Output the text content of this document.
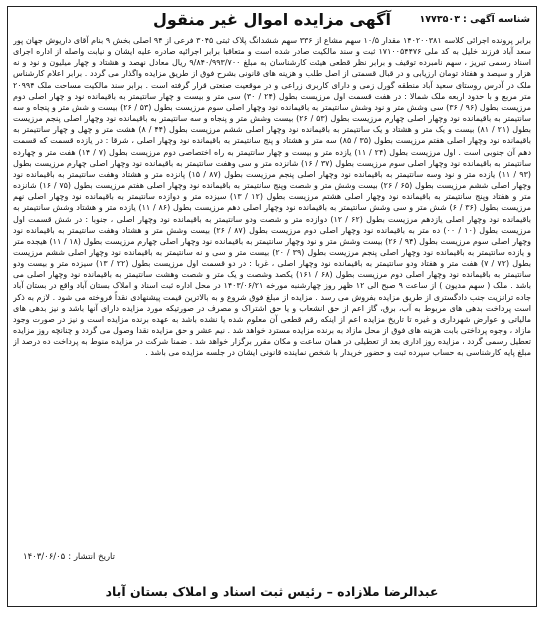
شناسه آگهی :۱۷۷۳۵۰۳
آگهی مزایده اموال غیر منقول

برابر پرونده اجرائی کلاسه ۱۴۰۲۰۰۳۸۱ مقدار ۱۰/۵ سهم مشاع از ۳۳۶ سهم ششدانگ پلاک ثبتی ۳۰۴۵ فرعی از ۹۴ اصلی بخش ۹ بنام آقای داریوش جهان پور سعد آباد فرزند خلیل به کد ملی ۱۷۱۰۰۵۴۴۷۶ ثبت و سند مالکیت صادر شده است و متعاقبا برابر اجرائیه صادره علیه ایشان و نیابت واصله از اداره اجرای اسناد رسمی تبریز ، سهم نامبرده توقیف و برابر نظر قطعی هیئت کارشناسان به مبلغ ۹/۸۴۰/۹۹۳/۷۰۰ ریال معادل نهصد و هشتاد و چهار میلیون و نود و نه هزار و سیصد و هفتاد تومان ارزیابی و در قبال قسمتی از اصل طلب و هزینه های قانونی بشرح فوق از طریق مزایده واگذار می گردد . برابر اعلام کارشناس ملک در آدرس روستای سعید آباد منطقه گورل زمی و دارای کاربری زراعی و در موقعیت صنعتی قرار گرفته است . برابر سند مالکیت مساحت ملک ۲۰۹۹۴ متر مربع و با حدود اربعه ملک شمالا : در هفت قسمت اول مرزیست بطول (۲۴ / ۳۰) سی متر و بیست و چهار سانتیمتر به باقیمانده نود و چهار اصلی دوم مرزیست بطول (۹۶ / ۳۶) سی وشش متر و نود وشش سانتیمتر به باقیمانده نود وچهار اصلی سوم مرزیست بطول (۵۳ / ۲۶) بیست و شش متر و پنجاه و سه سانتیمتر به باقیمانده نود وچهار اصلی چهارم مرزیست بطول (۵۳ / ۲۶) بیست وشش متر و پنجاه و سه سانتیمتر به باقیمانده نود وچهار اصلی پنجم مرزیست بطول (۲۱ / ۸۱) بیست و یک متر و هشتاد و یک سانتیمتر به باقیمانده نود وچهار اصلی ششم مرزیست بطول (۴۴ / ۸) هشت متر و چهل و چهار سانتیمتر به باقیمانده نود وچهار اصلی هفتم مرزیست بطول (۳۵ / ۸۵) سه متر و هشتاد و پنج سانتیمتر به باقیمانده نود وچهار اصلی ، شرقا : در یازده قسمت که قسمت دهم آن جنوبی است . اول مرزیست بطول (۲۴ / ۱۱) یازده متر و بیست و چهار سانتیمتر به راه اختصاصی دوم مرزیست بطول (۷ / ۱۴) هفت متر و چهارده سانتیمتر به باقیمانده نود وچهار اصلی سوم مرزیست بطول (۳۷ / ۱۶) شانزده متر و سی وهفت سانتیمتر به باقیمانده نود وچهار اصلی چهارم مرزیست بطول (۹۳ / ۱۱) یازده متر و نود وسه سانتیمتر به باقیمانده نود وچهار اصلی پنجم مرزیست بطول (۸۷ / ۱۵) پانزده متر و هشتاد وهفت سانتیمتر به باقیمانده نود وچهار اصلی ششم مرزیست بطول (۶۵ / ۲۶) بیست وشش متر و شصت وپنج سانتیمتر به باقیمانده نود وچهار اصلی هفتم مرزیست بطول (۷۵ / ۱۶) شانزده متر و هفتاد وپنج سانتیمتر به باقیمانده نود وچهار اصلی هشتم مرزیست بطول (۱۲ / ۱۳) سیزده متر و دوازده سانتیمتر به باقیمانده نود وچهار اصلی نهم مرزیست بطول (۳۶ / ۶) شش متر و سی وشش سانتیمتر به باقیمانده نود وچهار اصلی دهم مرزیست بطول (۸۶ / ۱۱) یازده متر و هشتاد وشش سانتیمتر به باقیمانده نود وچهار اصلی یازدهم مرزیست بطول (۶۲ / ۱۲) دوازده متر و شصت ودو سانتیمتر به باقیمانده نود وچهار اصلی ، جنوبا : در شش قسمت اول مرزیست بطول (۱۰ / ۰۰) ده متر به باقیمانده نود وچهار اصلی دوم مرزیست بطول (۸۷ / ۲۶) بیست وشش متر و هشتاد وهفت سانتیمتر به باقیمانده نود وچهار اصلی سوم مرزیست بطول (۹۴ / ۲۶) بیست وشش متر و نود وچهار سانتیمتر به باقیمانده نود وچهار اصلی چهارم مرزیست بطول (۱۸ / ۱۱) هیجده متر و یازده سانتیمتر به باقیمانده نود وچهار اصلی پنجم مرزیست بطول (۳۹ / ۲۰) بیست متر و سی و نه سانتیمتر به باقیمانده نود وچهار اصلی ششم مرزیست بطول (۷۲ / ۷) هفت متر و هفتاد ودو سانتیمتر به باقیمانده نود وچهار اصلی ، غربا : در دو قسمت اول مرزیست بطول (۲۲ / ۱۳) سیزده متر و بیست ودو سانتیمتر به باقیمانده نود وچهار اصلی دوم مرزیست بطول (۶۸ / ۱۶۱) یکصد وشصت و یک متر و شصت وهشت سانتیمتر به باقیمانده نود وچهار اصلی می باشد . ملک ( سهم مدیون ) از ساعت ۹ صبح الی ۱۲ ظهر روز چهارشنبه مورخه ۱۴۰۳/۰۶/۲۱ در محل اداره ثبت اسناد و املاک بستان آباد واقع در بستان آباد جاده ترانزیت جنب دادگستری از طریق مزایده بفروش می رسد . مزایده از مبلغ فوق شروع و به بالاترین قیمت پیشنهادی نقداً فروخته می شود . لازم به ذکر است پرداخت بدهی های مربوط به آب، برق، گاز اعم از حق انشعاب و یا حق اشتراک و مصرف در صورتیکه مورد مزایده دارای آنها باشد و نیز بدهی های مالیاتی و عوارض شهرداری و غیره تا تاریخ مزایده اعم از اینکه رقم قطعی آن معلوم شده یا نشده باشد به عهده برنده مزایده است و نیز در صورت وجود مازاد ، وجوه پرداختی بابت هزینه های فوق از محل مازاد به برنده مزایده مسترد خواهد شد . نیم عشر و حق مزایده نقدا وصول می گردد و چنانچه روز مزایده تعطیل رسمی گردد ، مزایده روز اداری بعد از تعطیلی در همان ساعت و مکان مقرر برگزار خواهد شد . ضمنا شرکت در مزایده منوط به پرداخت ده درصد از مبلغ پایه کارشناسی به حساب سپرده ثبت و حضور خریدار با شخص نماینده قانونی ایشان در جلسه مزایده می باشد .

تاریخ انتشار :۱۴۰۳/۰۶/۰۵
عبدالرضا ملازاده – رئیس ثبت اسناد و املاک بستان آباد
